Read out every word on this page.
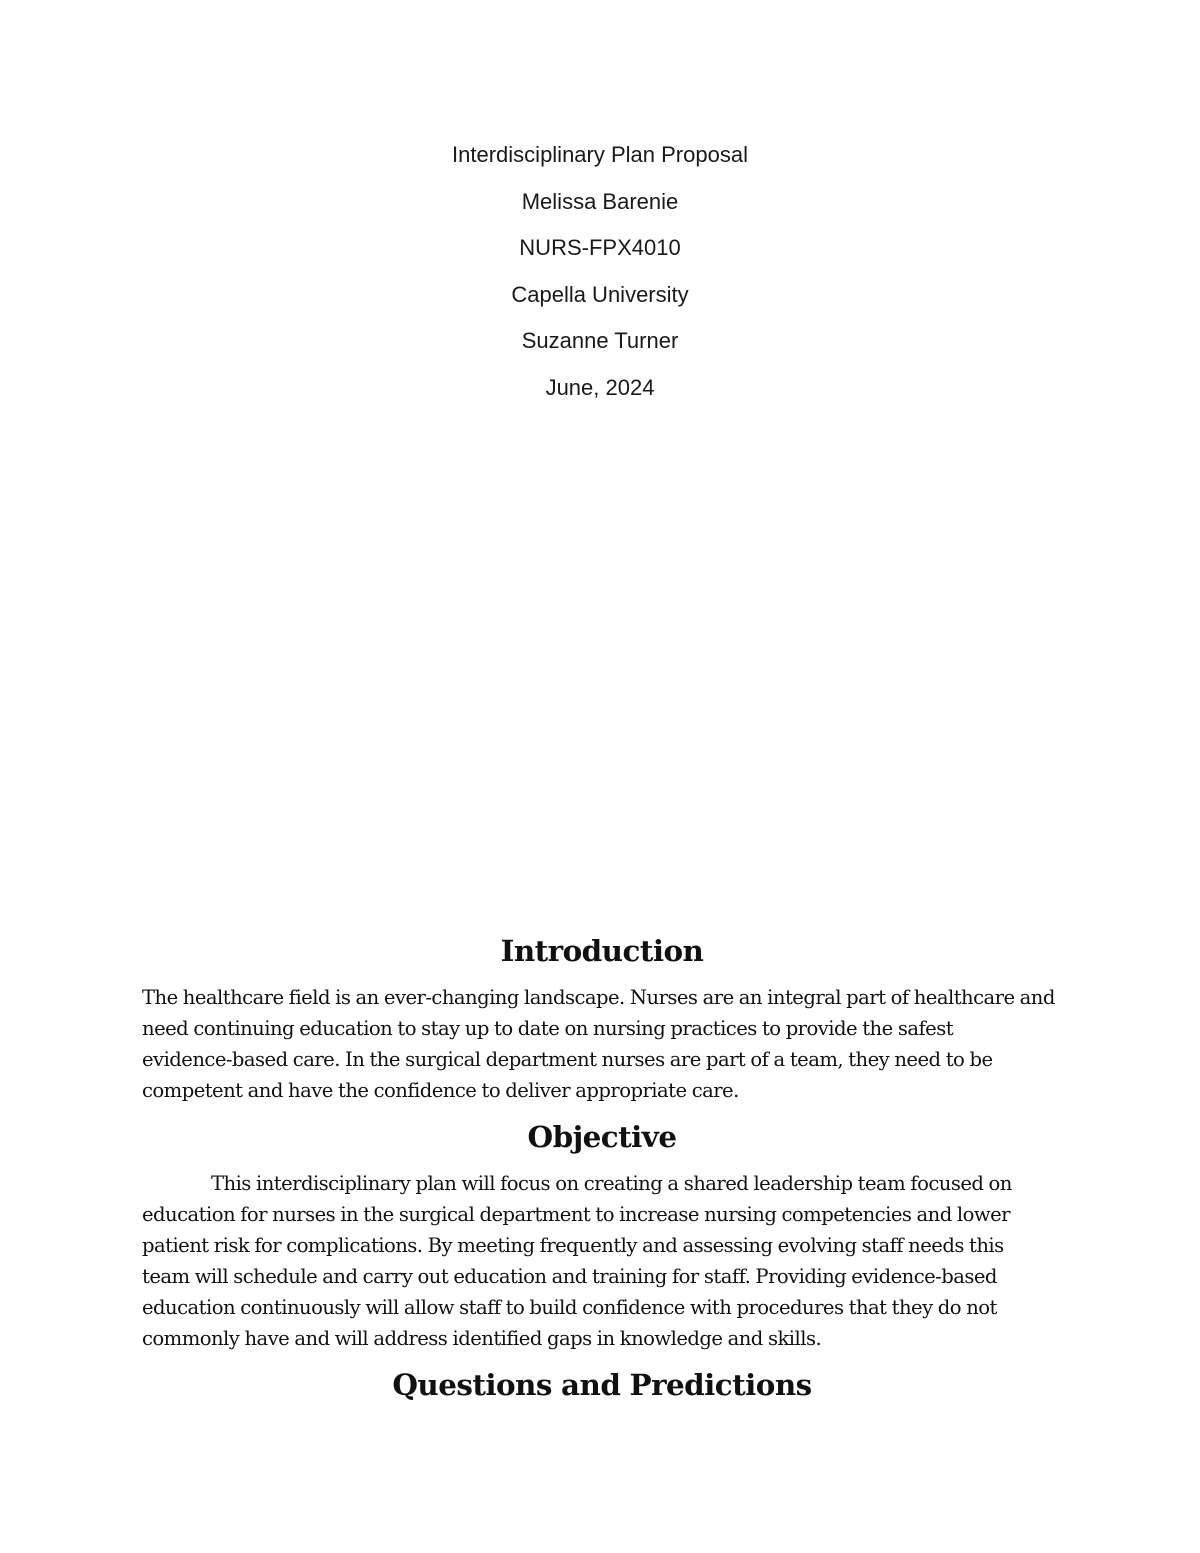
Interdisciplinary Plan Proposal
Melissa Barenie
NURS-FPX4010
Capella University
Suzanne Turner
June, 2024
Introduction

The healthcare field is an ever-changing landscape. Nurses are an integral part of healthcare and
need continuing education to stay up to date on nursing practices to provide the safest
evidence-based care. In the surgical department nurses are part of a team, they need to be
competent and have the confidence to deliver appropriate care.

Objective

This interdisciplinary plan will focus on creating a shared leadership team focused on
education for nurses in the surgical department to increase nursing competencies and lower
patient risk for complications. By meeting frequently and assessing evolving staff needs this
team will schedule and carry out education and training for staff. Providing evidence-based
education continuously will allow staff to build confidence with procedures that they do not
commonly have and will address identified gaps in knowledge and skills.

Questions and Predictions
